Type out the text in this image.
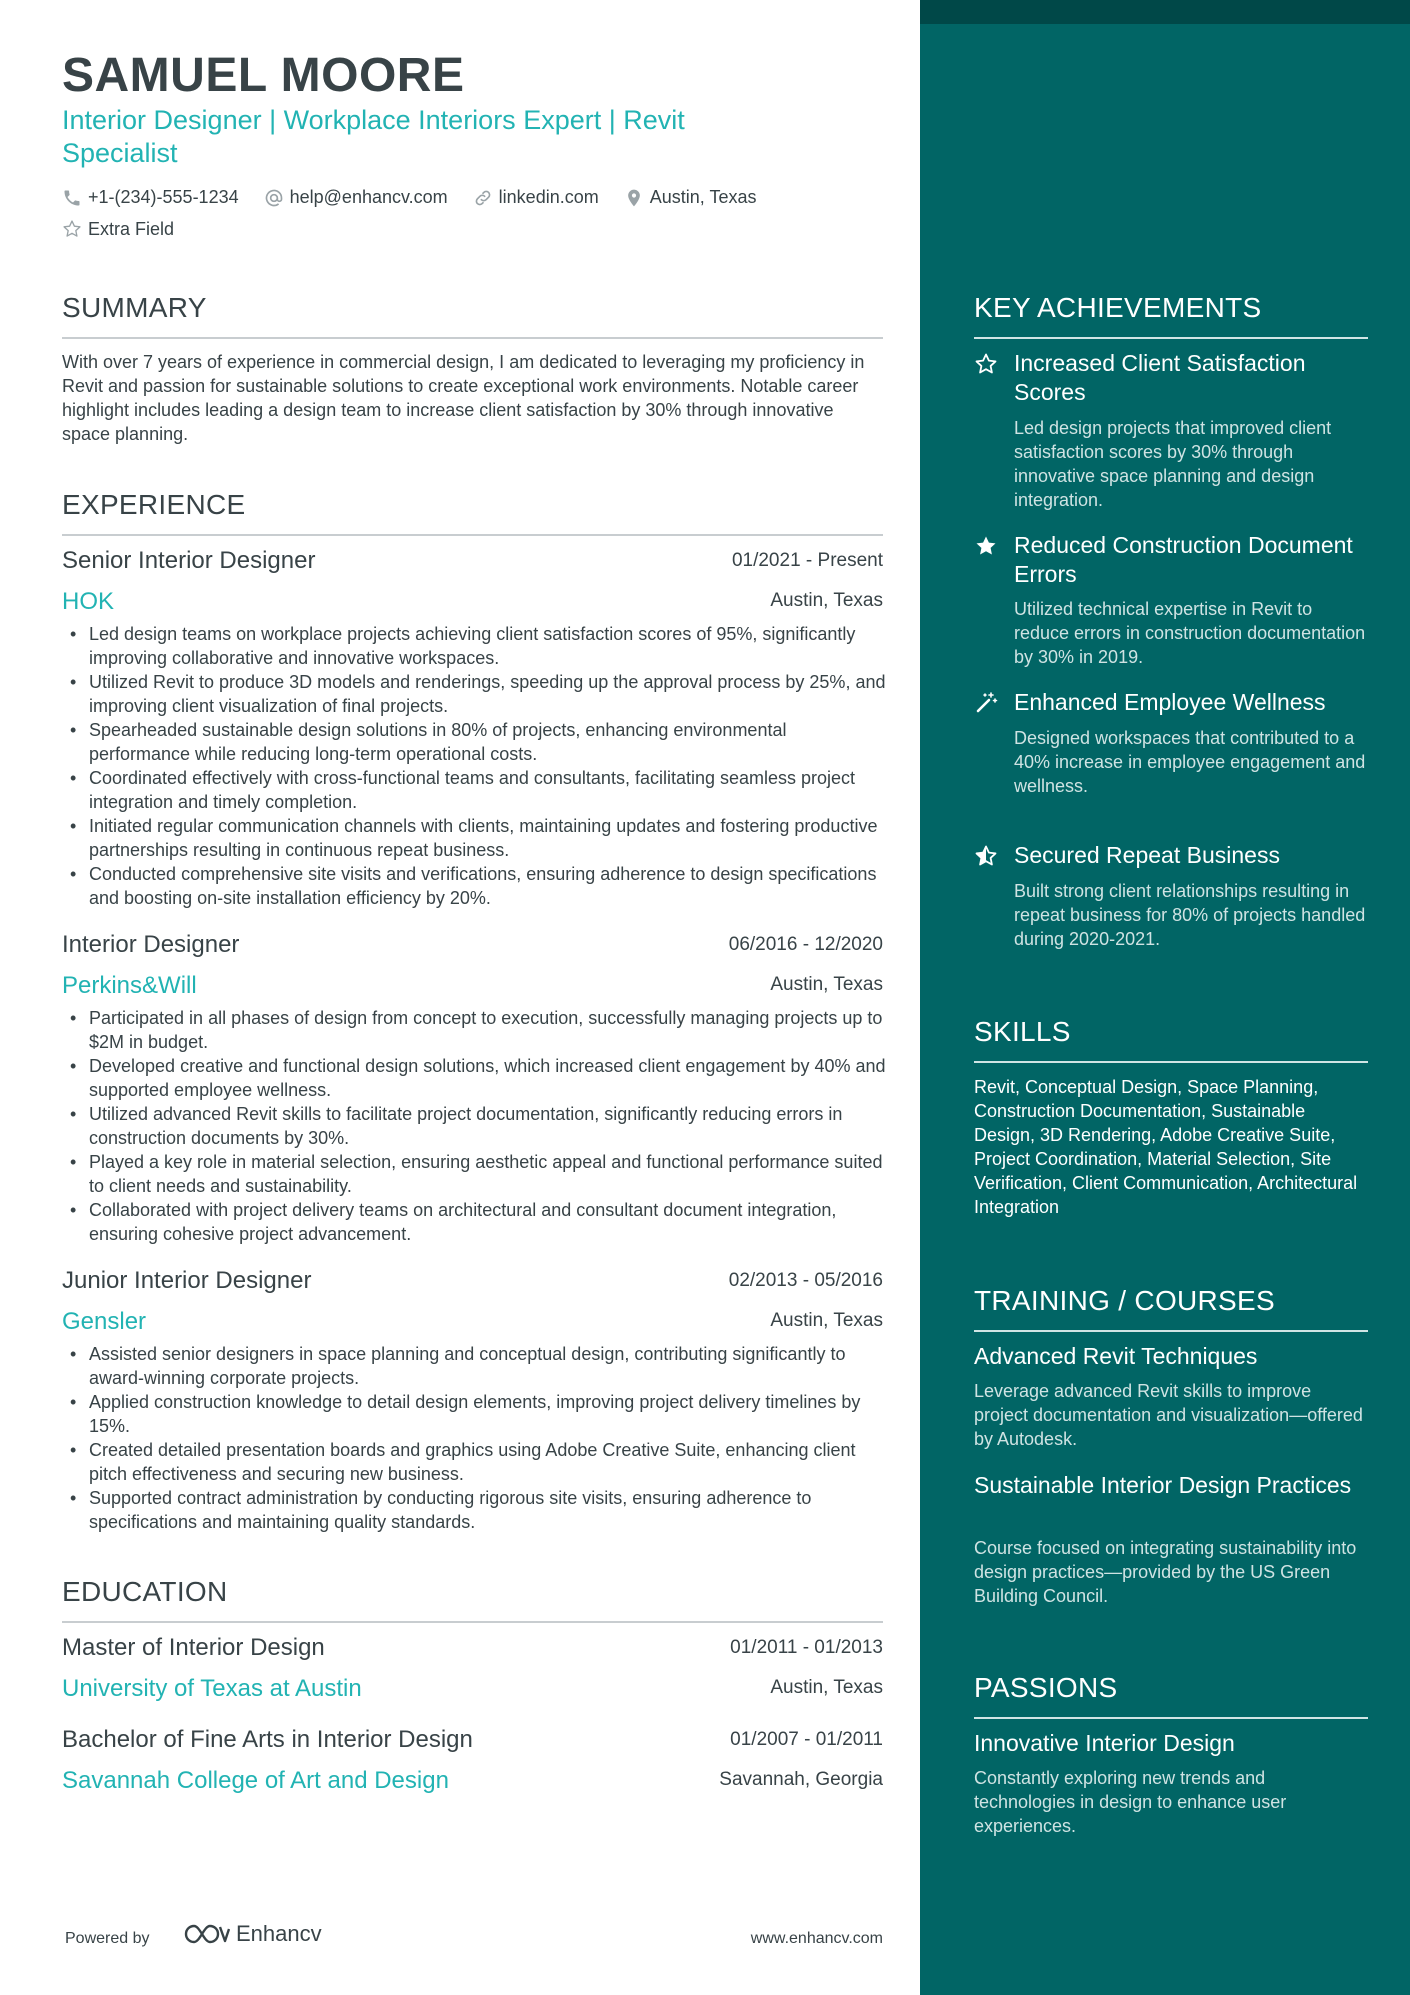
SAMUEL MOORE
Interior Designer | Workplace Interiors Expert | Revit Specialist
+1-(234)-555-1234
	help@enhancv.com
	linkedin.com
	Austin, Texas
Extra Field
SUMMARY
With over 7 years of experience in commercial design, I am dedicated to leveraging my proficiency in Revit and passion for sustainable solutions to create exceptional work environments. Notable career highlight includes leading a design team to increase client satisfaction by 30% through innovative space planning.
EXPERIENCE
Senior Interior Designer	01/2021 - Present
HOK	Austin, Texas
• Led design teams on workplace projects achieving client satisfaction scores of 95%, significantly improving collaborative and innovative workspaces.
• Utilized Revit to produce 3D models and renderings, speeding up the approval process by 25%, and improving client visualization of final projects.
• Spearheaded sustainable design solutions in 80% of projects, enhancing environmental performance while reducing long-term operational costs.
• Coordinated effectively with cross-functional teams and consultants, facilitating seamless project integration and timely completion.
• Initiated regular communication channels with clients, maintaining updates and fostering productive partnerships resulting in continuous repeat business.
• Conducted comprehensive site visits and verifications, ensuring adherence to design specifications and boosting on-site installation efficiency by 20%.
Interior Designer	06/2016 - 12/2020
Perkins&Will	Austin, Texas
• Participated in all phases of design from concept to execution, successfully managing projects up to $2M in budget.
• Developed creative and functional design solutions, which increased client engagement by 40% and supported employee wellness.
• Utilized advanced Revit skills to facilitate project documentation, significantly reducing errors in construction documents by 30%.
• Played a key role in material selection, ensuring aesthetic appeal and functional performance suited to client needs and sustainability.
• Collaborated with project delivery teams on architectural and consultant document integration, ensuring cohesive project advancement.
Junior Interior Designer	02/2013 - 05/2016
Gensler	Austin, Texas
• Assisted senior designers in space planning and conceptual design, contributing significantly to award-winning corporate projects.
• Applied construction knowledge to detail design elements, improving project delivery timelines by 15%.
• Created detailed presentation boards and graphics using Adobe Creative Suite, enhancing client pitch effectiveness and securing new business.
• Supported contract administration by conducting rigorous site visits, ensuring adherence to specifications and maintaining quality standards.
EDUCATION
Master of Interior Design	01/2011 - 01/2013
University of Texas at Austin	Austin, Texas
Bachelor of Fine Arts in Interior Design	01/2007 - 01/2011
Savannah College of Art and Design	Savannah, Georgia
Powered by	Enhancv	www.enhancv.com
KEY ACHIEVEMENTS
Increased Client Satisfaction Scores
Led design projects that improved client satisfaction scores by 30% through innovative space planning and design integration.
Reduced Construction Document Errors
Utilized technical expertise in Revit to reduce errors in construction documentation by 30% in 2019.
Enhanced Employee Wellness
Designed workspaces that contributed to a 40% increase in employee engagement and wellness.
Secured Repeat Business
Built strong client relationships resulting in repeat business for 80% of projects handled during 2020-2021.
SKILLS
Revit, Conceptual Design, Space Planning, Construction Documentation, Sustainable Design, 3D Rendering, Adobe Creative Suite, Project Coordination, Material Selection, Site Verification, Client Communication, Architectural Integration
TRAINING / COURSES
Advanced Revit Techniques
Leverage advanced Revit skills to improve project documentation and visualization—offered by Autodesk.
Sustainable Interior Design Practices
Course focused on integrating sustainability into design practices—provided by the US Green Building Council.
PASSIONS
Innovative Interior Design
Constantly exploring new trends and technologies in design to enhance user experiences.
